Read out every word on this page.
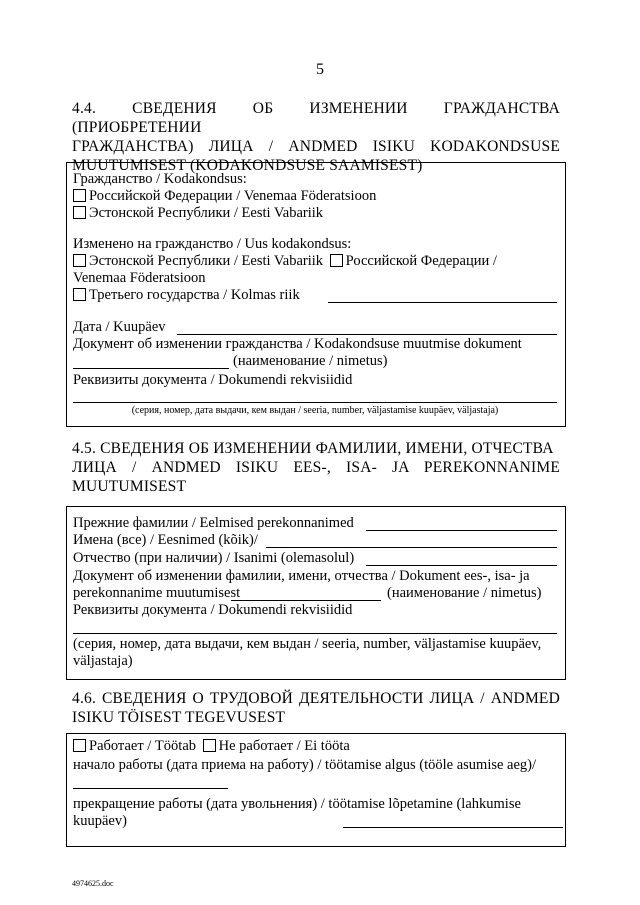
5
4.4. СВЕДЕНИЯ ОБ ИЗМЕНЕНИИ ГРАЖДАНСТВА (ПРИОБРЕТЕНИИ
ГРАЖДАНСТВА) ЛИЦА / ANDMED ISIKU KODAKONDSUSE
MUUTUMISEST (KODAKONDSUSE SAAMISEST)
Гражданство / Kodakondsus:
Российской Федерации / Venemaa Föderatsioon
Эстонской Республики / Eesti Vabariik
Изменено на гражданство / Uus kodakondsus:
Эстонской Республики / Eesti Vabariik Российской Федерации /
Venemaa Föderatsioon
Третьего государства / Kolmas riik
Дата / Kuupäev
Документ об изменении гражданства / Kodakondsuse muutmise dokument
(наименование / nimetus)
Реквизиты документа / Dokumendi rekvisiidid
(серия, номер, дата выдачи, кем выдан / seeria, number, väljastamise kuupäev, väljastaja)
4.5. СВЕДЕНИЯ ОБ ИЗМЕНЕНИИ ФАМИЛИИ, ИМЕНИ, ОТЧЕСТВА
ЛИЦА / ANDMED ISIKU EES-, ISA- JA PEREKONNANIME
MUUTUMISEST
Прежние фамилии / Eelmised perekonnanimed
Имена (все) / Eesnimed (kõik)/
Отчество (при наличии) / Isanimi (olemasolul)
Документ об изменении фамилии, имени, отчества / Dokument ees-, isa- ja
perekonnanime muutumisest	(наименование / nimetus)
Реквизиты документа / Dokumendi rekvisiidid
(серия, номер, дата выдачи, кем выдан / seeria, number, väljastamise kuupäev,
väljastaja)
4.6. СВЕДЕНИЯ О ТРУДОВОЙ ДЕЯТЕЛЬНОСТИ ЛИЦА / ANDMED
ISIKU TÖISEST TEGEVUSEST
Работает / Töötab Не работает / Ei tööta
начало работы (дата приема на работу) / töötamise algus (tööle asumise aeg)/
прекращение работы (дата увольнения) / töötamise lõpetamine (lahkumise
kuupäev)
4974625.doc
